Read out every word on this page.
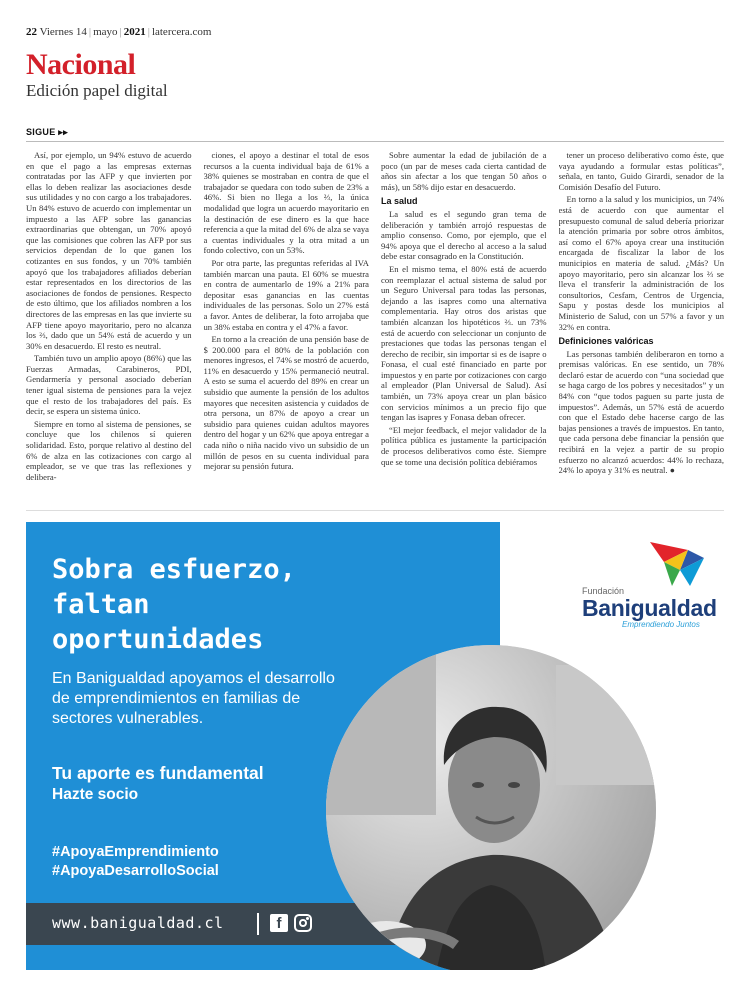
22 Viernes 14 | mayo | 2021 | latercera.com
Nacional
Edición papel digital
SIGUE ▸▸

Así, por ejemplo, un 94% estuvo de acuerdo en que el pago a las empresas externas contratadas por las AFP y que invierten por ellas lo deben realizar las asociaciones desde sus utilidades y no con cargo a los trabajadores. Un 84% estuvo de acuerdo con implementar un impuesto a las AFP sobre las ganancias extraordinarias que obtengan, un 70% apoyó que las comisiones que cobren las AFP por sus servicios dependan de lo que ganen los cotizantes en sus fondos, y un 70% también apoyó que los trabajadores afiliados deberían estar representados en los directorios de las asociaciones de fondos de pensiones. Respecto de esto último, que los afiliados nombren a los directores de las empresas en las que invierte su AFP tiene apoyo mayoritario, pero no alcanza los ⅔, dado que un 54% está de acuerdo y un 30% en desacuerdo. El resto es neutral.

También tuvo un amplio apoyo (86%) que las Fuerzas Armadas, Carabineros, PDI, Gendarmería y personal asociado deberían tener igual sistema de pensiones para la vejez que el resto de los trabajadores del país. Es decir, se espera un sistema único.

Siempre en torno al sistema de pensiones, se concluye que los chilenos sí quieren solidaridad. Esto, porque relativo al destino del 6% de alza en las cotizaciones con cargo al empleador, se ve que tras las reflexiones y delibera-

ciones, el apoyo a destinar el total de esos recursos a la cuenta individual baja de 61% a 38% quienes se mostraban en contra de que el trabajador se quedara con todo suben de 23% a 46%. Si bien no llega a los ⅔, la única modalidad que logra un acuerdo mayoritario en la destinación de ese dinero es la que hace referencia a que la mitad del 6% de alza se vaya a cuentas individuales y la otra mitad a un fondo colectivo, con un 53%.

Por otra parte, las preguntas referidas al IVA también marcan una pauta. El 60% se muestra en contra de aumentarlo de 19% a 21% para depositar esas ganancias en las cuentas individuales de las personas. Solo un 27% está a favor. Antes de deliberar, la foto arrojaba que un 38% estaba en contra y el 47% a favor.

En torno a la creación de una pensión base de $ 200.000 para el 80% de la población con menores ingresos, el 74% se mostró de acuerdo, 11% en desacuerdo y 15% permaneció neutral. A esto se suma el acuerdo del 89% en crear un subsidio que aumente la pensión de los adultos mayores que necesiten asistencia y cuidados de otra persona, un 87% de apoyo a crear un subsidio para quienes cuidan adultos mayores dentro del hogar y un 62% que apoya entregar a cada niño o niña nacido vivo un subsidio de un millón de pesos en su cuenta individual para mejorar su pensión futura.

Sobre aumentar la edad de jubilación de a poco (un par de meses cada cierta cantidad de años sin afectar a los que tengan 50 años o más), un 58% dijo estar en desacuerdo.

La salud

La salud es el segundo gran tema de deliberación y también arrojó respuestas de amplio consenso. Como, por ejemplo, que el 94% apoya que el derecho al acceso a la salud debe estar consagrado en la Constitución.

En el mismo tema, el 80% está de acuerdo con reemplazar el actual sistema de salud por un Seguro Universal para todas las personas, dejando a las isapres como una alternativa complementaria. Hay otros dos aristas que también alcanzan los hipotéticos ⅔. un 73% está de acuerdo con seleccionar un conjunto de prestaciones que todas las personas tengan el derecho de recibir, sin importar si es de isapre o Fonasa, el cual esté financiado en parte por impuestos y en parte por cotizaciones con cargo al empleador (Plan Universal de Salud). Así también, un 73% apoya crear un plan básico con servicios mínimos a un precio fijo que tengan las isapres y Fonasa deban ofrecer.

“El mejor feedback, el mejor validador de la política pública es justamente la participación de procesos deliberativos como éste. Siempre que se tome una decisión política debiéramos

tener un proceso deliberativo como éste, que vaya ayudando a formular estas políticas”, señala, en tanto, Guido Girardi, senador de la Comisión Desafío del Futuro.

En torno a la salud y los municipios, un 74% está de acuerdo con que aumentar el presupuesto comunal de salud debería priorizar la atención primaria por sobre otros ámbitos, así como el 67% apoya crear una institución encargada de fiscalizar la labor de los municipios en materia de salud. ¿Más? Un apoyo mayoritario, pero sin alcanzar los ⅔ se lleva el transferir la administración de los consultorios, Cesfam, Centros de Urgencia, Sapu y postas desde los municipios al Ministerio de Salud, con un 57% a favor y un 32% en contra.

Definiciones valóricas

Las personas también deliberaron en torno a premisas valóricas. En ese sentido, un 78% declaró estar de acuerdo con “una sociedad que se haga cargo de los pobres y necesitados” y un 84% con “que todos paguen su parte justa de impuestos”. Además, un 57% está de acuerdo con que el Estado debe hacerse cargo de las bajas pensiones a través de impuestos. En tanto, que cada persona debe financiar la pensión que recibirá en la vejez a partir de su propio esfuerzo no alcanzó acuerdos: 44% lo rechaza, 24% lo apoya y 31% es neutral. ●

Sobra esfuerzo,
faltan
oportunidades
En Banigualdad apoyamos el desarrollo de emprendimientos en familias de sectores vulnerables.
Tu aporte es fundamental
Hazte socio
#ApoyaEmprendimiento
#ApoyaDesarrolloSocial
www.banigualdad.cl	f
Fundación
Banigualdad
Emprendiendo Juntos
